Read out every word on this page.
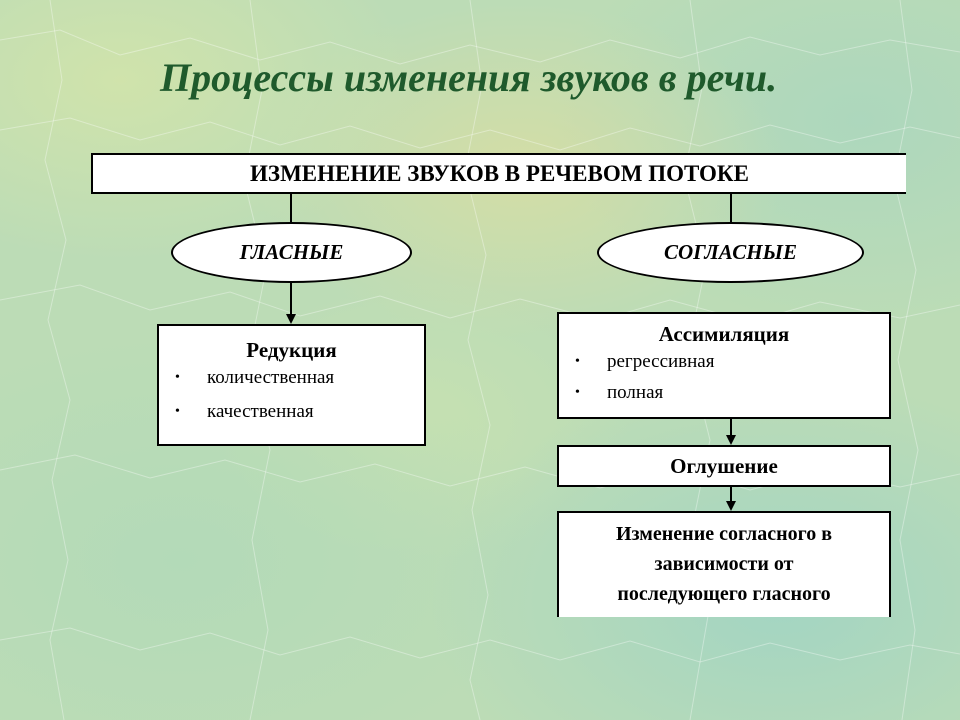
Процессы изменения звуков в речи.
ИЗМЕНЕНИЕ ЗВУКОВ В РЕЧЕВОМ ПОТОКЕ
ГЛАСНЫЕ	СОГЛАСНЫЕ
Редукция
• количественная
• качественная
Ассимиляция
• регрессивная
• полная
Оглушение
Изменение согласного в
зависимости от
последующего гласного
